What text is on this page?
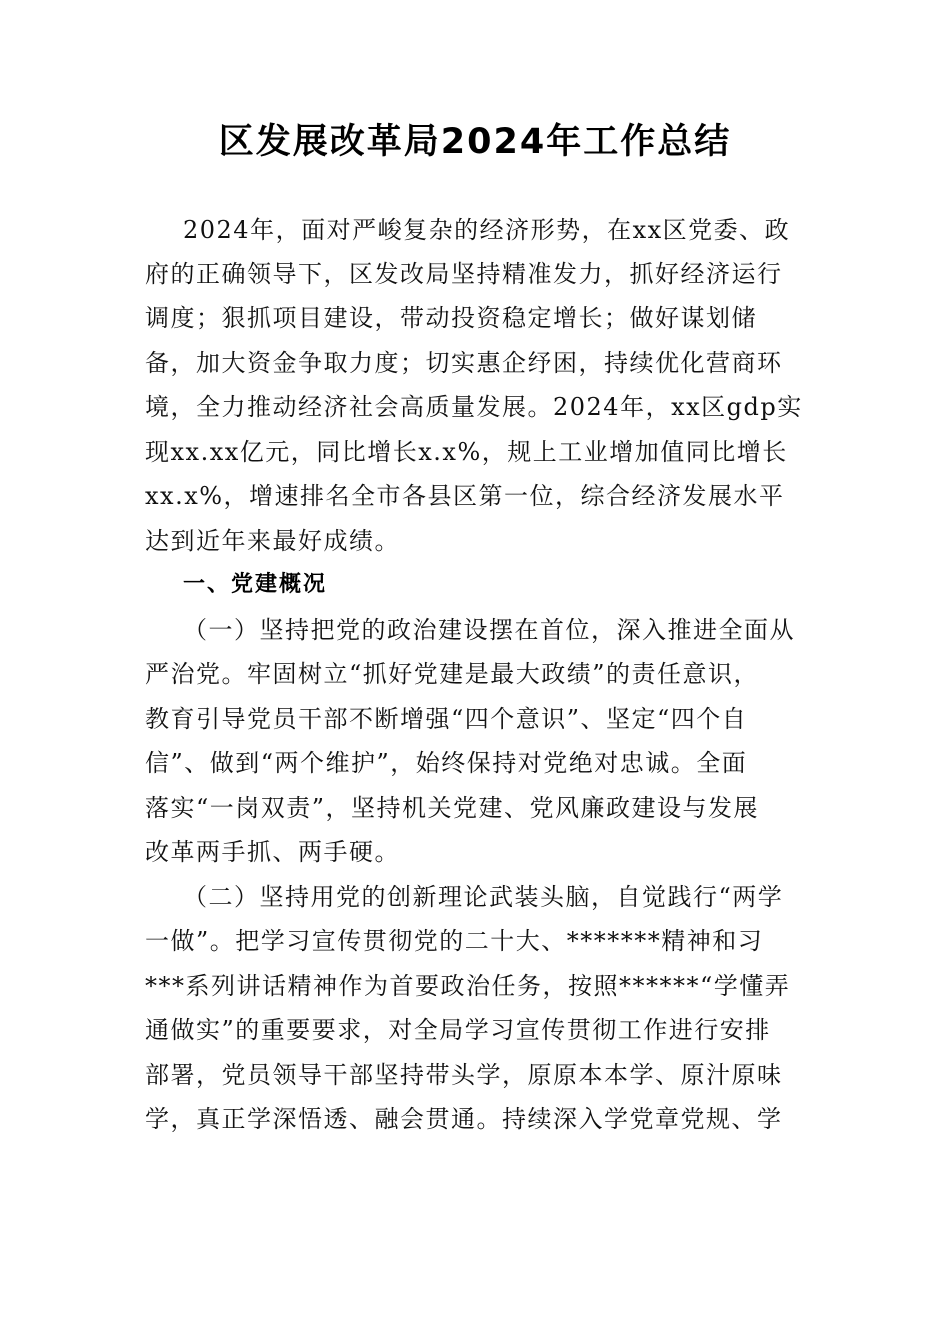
区发展改革局2024年工作总结
2024年，面对严峻复杂的经济形势，在xx区党委、政
府的正确领导下，区发改局坚持精准发力，抓好经济运行
调度；狠抓项目建设，带动投资稳定增长；做好谋划储
备，加大资金争取力度；切实惠企纾困，持续优化营商环
境，全力推动经济社会高质量发展。2024年，xx区gdp实
现xx.xx亿元，同比增长x.x%，规上工业增加值同比增长
xx.x%，增速排名全市各县区第一位，综合经济发展水平
达到近年来最好成绩。
一、党建概况
（一）坚持把党的政治建设摆在首位，深入推进全面从
严治党。牢固树立“抓好党建是最大政绩”的责任意识，
教育引导党员干部不断增强“四个意识”、坚定“四个自
信”、做到“两个维护”，始终保持对党绝对忠诚。全面
落实“一岗双责”，坚持机关党建、党风廉政建设与发展
改革两手抓、两手硬。
（二）坚持用党的创新理论武装头脑，自觉践行“两学
一做”。把学习宣传贯彻党的二十大、*******精神和习
***系列讲话精神作为首要政治任务，按照******“学懂弄
通做实”的重要要求，对全局学习宣传贯彻工作进行安排
部署，党员领导干部坚持带头学，原原本本学、原汁原味
学，真正学深悟透、融会贯通。持续深入学党章党规、学
